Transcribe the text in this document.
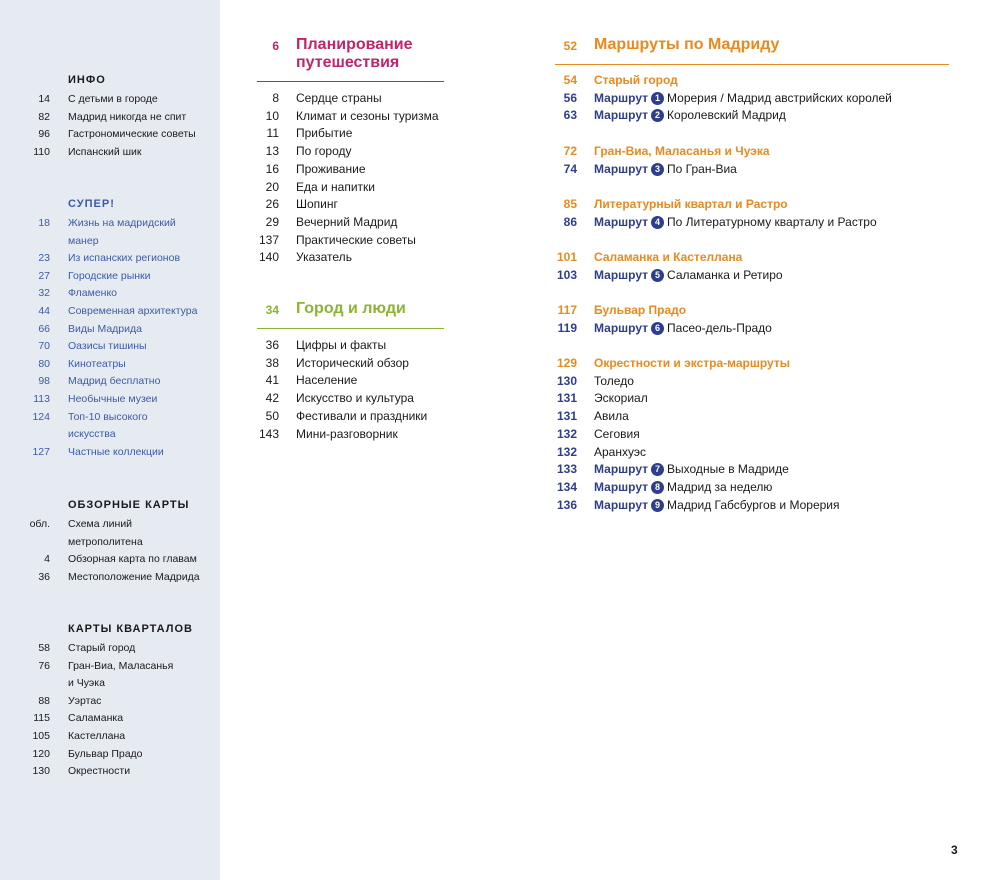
ИНФО
14 С детьми в городе
82 Мадрид никогда не спит
96 Гастрономические советы
110 Испанский шик
СУПЕР!
18 Жизнь на мадридский манер
23 Из испанских регионов
27 Городские рынки
32 Фламенко
44 Современная архитектура
66 Виды Мадрида
70 Оазисы тишины
80 Кинотеатры
98 Мадрид бесплатно
113 Необычные музеи
124 Топ-10 высокого искусства
127 Частные коллекции
ОБЗОРНЫЕ КАРТЫ
обл. Схема линий метрополитена
4 Обзорная карта по главам
36 Местоположение Мадрида
КАРТЫ КВАРТАЛОВ
58 Старый город
76 Гран-Виа, Маласанья и Чуэка
88 Уэртас
115 Саламанка
105 Кастеллана
120 Бульвар Прадо
130 Окрестности
6 Планирование путешествия
8 Сердце страны
10 Климат и сезоны туризма
11 Прибытие
13 По городу
16 Проживание
20 Еда и напитки
26 Шопинг
29 Вечерний Мадрид
137 Практические советы
140 Указатель
34 Город и люди
36 Цифры и факты
38 Исторический обзор
41 Население
42 Искусство и культура
50 Фестивали и праздники
143 Мини-разговорник
52 Маршруты по Мадриду
54 Старый город
56 Маршрут 1 Морерия / Мадрид австрийских королей
63 Маршрут 2 Королевский Мадрид
72 Гран-Виа, Маласанья и Чуэка
74 Маршрут 3 По Гран-Виа
85 Литературный квартал и Растро
86 Маршрут 4 По Литературному кварталу и Растро
101 Саламанка и Кастеллана
103 Маршрут 5 Саламанка и Ретиро
117 Бульвар Прадо
119 Маршрут 6 Пасео-дель-Прадо
129 Окрестности и экстра-маршруты
130 Толедо
131 Эскориал
131 Авила
132 Сеговия
132 Аранхуэс
133 Маршрут 7 Выходные в Мадриде
134 Маршрут 8 Мадрид за неделю
136 Маршрут 9 Мадрид Габсбургов и Морерия
3
